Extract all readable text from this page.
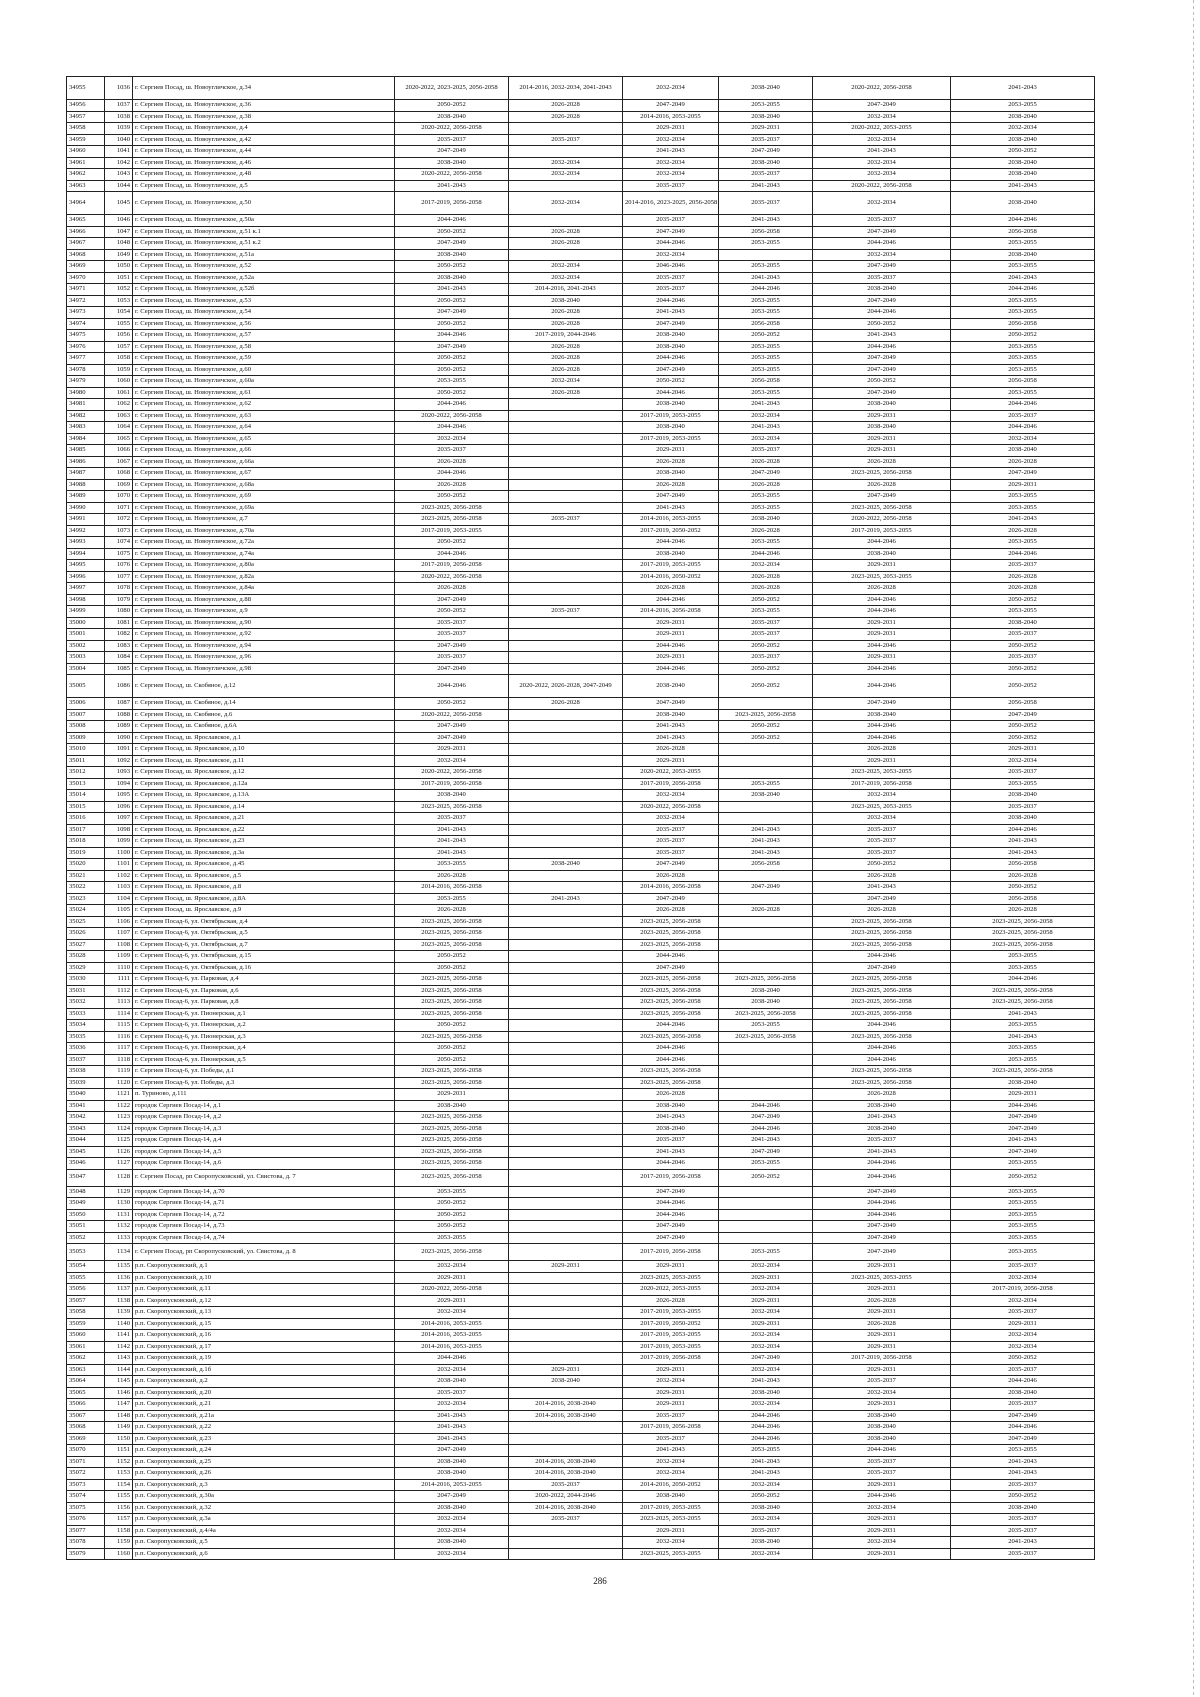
34955	1036	г. Сергиев Посад, ш. Новоугличское, д.34	2020-2022, 2023-2025, 2056-2058	2014-2016, 2032-2034, 2041-2043	2032-2034	2038-2040	2020-2022, 2056-2058	2041-2043
34956	1037	г. Сергиев Посад, ш. Новоугличское, д.36	2050-2052	2026-2028	2047-2049	2053-2055	2047-2049	2053-2055
34957	1038	г. Сергиев Посад, ш. Новоугличское, д.38	2038-2040	2026-2028	2014-2016, 2053-2055	2038-2040	2032-2034	2038-2040
34958	1039	г. Сергиев Посад, ш. Новоугличское, д.4	2020-2022, 2056-2058		2029-2031	2029-2031	2020-2022, 2053-2055	2032-2034
34959	1040	г. Сергиев Посад, ш. Новоугличское, д.42	2035-2037	2035-2037	2032-2034	2035-2037	2032-2034	2038-2040
34960	1041	г. Сергиев Посад, ш. Новоугличское, д.44	2047-2049		2041-2043	2047-2049	2041-2043	2050-2052
34961	1042	г. Сергиев Посад, ш. Новоугличское, д.46	2038-2040	2032-2034	2032-2034	2038-2040	2032-2034	2038-2040
34962	1043	г. Сергиев Посад, ш. Новоугличское, д.48	2020-2022, 2056-2058	2032-2034	2032-2034	2035-2037	2032-2034	2038-2040
34963	1044	г. Сергиев Посад, ш. Новоугличское, д.5	2041-2043		2035-2037	2041-2043	2020-2022, 2056-2058	2041-2043
34964	1045	г. Сергиев Посад, ш. Новоугличское, д.50	2017-2019, 2056-2058	2032-2034	2014-2016, 2023-2025, 2056-2058	2035-2037	2032-2034	2038-2040
34965	1046	г. Сергиев Посад, ш. Новоугличское, д.50а	2044-2046		2035-2037	2041-2043	2035-2037	2044-2046
34966	1047	г. Сергиев Посад, ш. Новоугличское, д.51 к.1	2050-2052	2026-2028	2047-2049	2056-2058	2047-2049	2056-2058
34967	1048	г. Сергиев Посад, ш. Новоугличское, д.51 к.2	2047-2049	2026-2028	2044-2046	2053-2055	2044-2046	2053-2055
34968	1049	г. Сергиев Посад, ш. Новоугличское, д.51а	2038-2040		2032-2034		2032-2034	2038-2040
34969	1050	г. Сергиев Посад, ш. Новоугличское, д.52	2050-2052	2032-2034	2046-2046	2053-2055	2047-2049	2053-2055
34970	1051	г. Сергиев Посад, ш. Новоугличское, д.52а	2038-2040	2032-2034	2035-2037	2041-2043	2035-2037	2041-2043
34971	1052	г. Сергиев Посад, ш. Новоугличское, д.52б	2041-2043	2014-2016, 2041-2043	2035-2037	2044-2046	2038-2040	2044-2046
34972	1053	г. Сергиев Посад, ш. Новоугличское, д.53	2050-2052	2038-2040	2044-2046	2053-2055	2047-2049	2053-2055
34973	1054	г. Сергиев Посад, ш. Новоугличское, д.54	2047-2049	2026-2028	2041-2043	2053-2055	2044-2046	2053-2055
34974	1055	г. Сергиев Посад, ш. Новоугличское, д.56	2050-2052	2026-2028	2047-2049	2056-2058	2050-2052	2056-2058
34975	1056	г. Сергиев Посад, ш. Новоугличское, д.57	2044-2046	2017-2019, 2044-2046	2038-2040	2050-2052	2041-2043	2050-2052
34976	1057	г. Сергиев Посад, ш. Новоугличское, д.58	2047-2049	2026-2028	2038-2040	2053-2055	2044-2046	2053-2055
34977	1058	г. Сергиев Посад, ш. Новоугличское, д.59	2050-2052	2026-2028	2044-2046	2053-2055	2047-2049	2053-2055
34978	1059	г. Сергиев Посад, ш. Новоугличское, д.60	2050-2052	2026-2028	2047-2049	2053-2055	2047-2049	2053-2055
34979	1060	г. Сергиев Посад, ш. Новоугличское, д.60а	2053-2055	2032-2034	2050-2052	2056-2058	2050-2052	2056-2058
34980	1061	г. Сергиев Посад, ш. Новоугличское, д.61	2050-2052	2026-2028	2044-2046	2053-2055	2047-2049	2053-2055
34981	1062	г. Сергиев Посад, ш. Новоугличское, д.62	2044-2046		2038-2040	2041-2043	2038-2040	2044-2046
34982	1063	г. Сергиев Посад, ш. Новоугличское, д.63	2020-2022, 2056-2058		2017-2019, 2053-2055	2032-2034	2029-2031	2035-2037
34983	1064	г. Сергиев Посад, ш. Новоугличское, д.64	2044-2046		2038-2040	2041-2043	2038-2040	2044-2046
34984	1065	г. Сергиев Посад, ш. Новоугличское, д.65	2032-2034		2017-2019, 2053-2055	2032-2034	2029-2031	2032-2034
34985	1066	г. Сергиев Посад, ш. Новоугличское, д.66	2035-2037		2029-2031	2035-2037	2029-2031	2038-2040
34986	1067	г. Сергиев Посад, ш. Новоугличское, д.66а	2026-2028		2026-2028	2026-2028	2026-2028	2026-2028
34987	1068	г. Сергиев Посад, ш. Новоугличское, д.67	2044-2046		2038-2040	2047-2049	2023-2025, 2056-2058	2047-2049
34988	1069	г. Сергиев Посад, ш. Новоугличское, д.68а	2026-2028		2026-2028	2026-2028	2026-2028	2029-2031
34989	1070	г. Сергиев Посад, ш. Новоугличское, д.69	2050-2052		2047-2049	2053-2055	2047-2049	2053-2055
34990	1071	г. Сергиев Посад, ш. Новоугличское, д.69а	2023-2025, 2056-2058		2041-2043	2053-2055	2023-2025, 2056-2058	2053-2055
34991	1072	г. Сергиев Посад, ш. Новоугличское, д.7	2023-2025, 2056-2058	2035-2037	2014-2016, 2053-2055	2038-2040	2020-2022, 2056-2058	2041-2043
34992	1073	г. Сергиев Посад, ш. Новоугличское, д.70а	2017-2019, 2053-2055		2017-2019, 2050-2052	2026-2028	2017-2019, 2053-2055	2026-2028
34993	1074	г. Сергиев Посад, ш. Новоугличское, д.72а	2050-2052		2044-2046	2053-2055	2044-2046	2053-2055
34994	1075	г. Сергиев Посад, ш. Новоугличское, д.74а	2044-2046		2038-2040	2044-2046	2038-2040	2044-2046
34995	1076	г. Сергиев Посад, ш. Новоугличское, д.80а	2017-2019, 2056-2058		2017-2019, 2053-2055	2032-2034	2029-2031	2035-2037
34996	1077	г. Сергиев Посад, ш. Новоугличское, д.82а	2020-2022, 2056-2058		2014-2016, 2050-2052	2026-2028	2023-2025, 2053-2055	2026-2028
34997	1078	г. Сергиев Посад, ш. Новоугличское, д.84а	2026-2028		2026-2028	2026-2028	2026-2028	2026-2028
34998	1079	г. Сергиев Посад, ш. Новоугличское, д.88	2047-2049		2044-2046	2050-2052	2044-2046	2050-2052
34999	1080	г. Сергиев Посад, ш. Новоугличское, д.9	2050-2052	2035-2037	2014-2016, 2056-2058	2053-2055	2044-2046	2053-2055
35000	1081	г. Сергиев Посад, ш. Новоугличское, д.90	2035-2037		2029-2031	2035-2037	2029-2031	2038-2040
35001	1082	г. Сергиев Посад, ш. Новоугличское, д.92	2035-2037		2029-2031	2035-2037	2029-2031	2035-2037
35002	1083	г. Сергиев Посад, ш. Новоугличское, д.94	2047-2049		2044-2046	2050-2052	2044-2046	2050-2052
35003	1084	г. Сергиев Посад, ш. Новоугличское, д.96	2035-2037		2029-2031	2035-2037	2029-2031	2035-2037
35004	1085	г. Сергиев Посад, ш. Новоугличское, д.98	2047-2049		2044-2046	2050-2052	2044-2046	2050-2052
35005	1086	г. Сергиев Посад, ш. Скобяное, д.12	2044-2046	2020-2022, 2026-2028, 2047-2049	2038-2040	2050-2052	2044-2046	2050-2052
35006	1087	г. Сергиев Посад, ш. Скобяное, д.14	2050-2052	2026-2028	2047-2049		2047-2049	2056-2058
35007	1088	г. Сергиев Посад, ш. Скобяное, д.6	2020-2022, 2056-2058		2038-2040	2023-2025, 2056-2058	2038-2040	2047-2049
35008	1089	г. Сергиев Посад, ш. Скобяное, д.6А	2047-2049		2041-2043	2050-2052	2044-2046	2050-2052
35009	1090	г. Сергиев Посад, ш. Ярославское, д.1	2047-2049		2041-2043	2050-2052	2044-2046	2050-2052
35010	1091	г. Сергиев Посад, ш. Ярославское, д.10	2029-2031		2026-2028		2026-2028	2029-2031
35011	1092	г. Сергиев Посад, ш. Ярославское, д.11	2032-2034		2029-2031		2029-2031	2032-2034
35012	1093	г. Сергиев Посад, ш. Ярославское, д.12	2020-2022, 2056-2058		2020-2022, 2053-2055		2023-2025, 2053-2055	2035-2037
35013	1094	г. Сергиев Посад, ш. Ярославское, д.12а	2017-2019, 2056-2058		2017-2019, 2056-2058	2053-2055	2017-2019, 2056-2058	2053-2055
35014	1095	г. Сергиев Посад, ш. Ярославское, д.13А	2038-2040		2032-2034	2038-2040	2032-2034	2038-2040
35015	1096	г. Сергиев Посад, ш. Ярославское, д.14	2023-2025, 2056-2058		2020-2022, 2056-2058		2023-2025, 2053-2055	2035-2037
35016	1097	г. Сергиев Посад, ш. Ярославское, д.21	2035-2037		2032-2034		2032-2034	2038-2040
35017	1098	г. Сергиев Посад, ш. Ярославское, д.22	2041-2043		2035-2037	2041-2043	2035-2037	2044-2046
35018	1099	г. Сергиев Посад, ш. Ярославское, д.23	2041-2043		2035-2037	2041-2043	2035-2037	2041-2043
35019	1100	г. Сергиев Посад, ш. Ярославское, д.3а	2041-2043		2035-2037	2041-2043	2035-2037	2041-2043
35020	1101	г. Сергиев Посад, ш. Ярославское, д.45	2053-2055	2038-2040	2047-2049	2056-2058	2050-2052	2056-2058
35021	1102	г. Сергиев Посад, ш. Ярославское, д.5	2026-2028		2026-2028		2026-2028	2026-2028
35022	1103	г. Сергиев Посад, ш. Ярославское, д.8	2014-2016, 2056-2058		2014-2016, 2056-2058	2047-2049	2041-2043	2050-2052
35023	1104	г. Сергиев Посад, ш. Ярославское, д.8А	2053-2055	2041-2043	2047-2049		2047-2049	2056-2058
35024	1105	г. Сергиев Посад, ш. Ярославское, д.9	2026-2028		2026-2028	2026-2028	2026-2028	2026-2028
35025	1106	г. Сергиев Посад-6, ул. Октябрьская, д.4	2023-2025, 2056-2058		2023-2025, 2056-2058		2023-2025, 2056-2058	2023-2025, 2056-2058
35026	1107	г. Сергиев Посад-6, ул. Октябрьская, д.5	2023-2025, 2056-2058		2023-2025, 2056-2058		2023-2025, 2056-2058	2023-2025, 2056-2058
35027	1108	г. Сергиев Посад-6, ул. Октябрьская, д.7	2023-2025, 2056-2058		2023-2025, 2056-2058		2023-2025, 2056-2058	2023-2025, 2056-2058
35028	1109	г. Сергиев Посад-6, ул. Октябрьская, д.15	2050-2052		2044-2046		2044-2046	2053-2055
35029	1110	г. Сергиев Посад-6, ул. Октябрьская, д.16	2050-2052		2047-2049		2047-2049	2053-2055
35030	1111	г. Сергиев Посад-6, ул. Парковая, д.4	2023-2025, 2056-2058		2023-2025, 2056-2058	2023-2025, 2056-2058	2023-2025, 2056-2058	2044-2046
35031	1112	г. Сергиев Посад-6, ул. Парковая, д.6	2023-2025, 2056-2058		2023-2025, 2056-2058	2038-2040	2023-2025, 2056-2058	2023-2025, 2056-2058
35032	1113	г. Сергиев Посад-6, ул. Парковая, д.8	2023-2025, 2056-2058		2023-2025, 2056-2058	2038-2040	2023-2025, 2056-2058	2023-2025, 2056-2058
35033	1114	г. Сергиев Посад-6, ул. Пионерская, д.1	2023-2025, 2056-2058		2023-2025, 2056-2058	2023-2025, 2056-2058	2023-2025, 2056-2058	2041-2043
35034	1115	г. Сергиев Посад-6, ул. Пионерская, д.2	2050-2052		2044-2046	2053-2055	2044-2046	2053-2055
35035	1116	г. Сергиев Посад-6, ул. Пионерская, д.3	2023-2025, 2056-2058		2023-2025, 2056-2058	2023-2025, 2056-2058	2023-2025, 2056-2058	2041-2043
35036	1117	г. Сергиев Посад-6, ул. Пионерская, д.4	2050-2052		2044-2046		2044-2046	2053-2055
35037	1118	г. Сергиев Посад-6, ул. Пионерская, д.5	2050-2052		2044-2046		2044-2046	2053-2055
35038	1119	г. Сергиев Посад-6, ул. Победы, д.1	2023-2025, 2056-2058		2023-2025, 2056-2058		2023-2025, 2056-2058	2023-2025, 2056-2058
35039	1120	г. Сергиев Посад-6, ул. Победы, д.3	2023-2025, 2056-2058		2023-2025, 2056-2058		2023-2025, 2056-2058	2038-2040
35040	1121	п. Туриново, д.111	2029-2031		2026-2028		2026-2028	2029-2031
35041	1122	городок Сергиев Посад-14, д.1	2038-2040		2038-2040	2044-2046	2038-2040	2044-2046
35042	1123	городок Сергиев Посад-14, д.2	2023-2025, 2056-2058		2041-2043	2047-2049	2041-2043	2047-2049
35043	1124	городок Сергиев Посад-14, д.3	2023-2025, 2056-2058		2038-2040	2044-2046	2038-2040	2047-2049
35044	1125	городок Сергиев Посад-14, д.4	2023-2025, 2056-2058		2035-2037	2041-2043	2035-2037	2041-2043
35045	1126	городок Сергиев Посад-14, д.5	2023-2025, 2056-2058		2041-2043	2047-2049	2041-2043	2047-2049
35046	1127	городок Сергиев Посад-14, д.6	2023-2025, 2056-2058		2044-2046	2053-2055	2044-2046	2053-2055
35047	1128	г. Сергиев Посад, рп Скоропусковский, ул. Свистова, д. 7	2023-2025, 2056-2058		2017-2019, 2056-2058	2050-2052	2044-2046	2050-2052
35048	1129	городок Сергиев Посад-14, д.70	2053-2055		2047-2049		2047-2049	2053-2055
35049	1130	городок Сергиев Посад-14, д.71	2050-2052		2044-2046		2044-2046	2053-2055
35050	1131	городок Сергиев Посад-14, д.72	2050-2052		2044-2046		2044-2046	2053-2055
35051	1132	городок Сергиев Посад-14, д.73	2050-2052		2047-2049		2047-2049	2053-2055
35052	1133	городок Сергиев Посад-14, д.74	2053-2055		2047-2049		2047-2049	2053-2055
35053	1134	г. Сергиев Посад, рп Скоропусковский, ул. Свистова, д. 8	2023-2025, 2056-2058		2017-2019, 2056-2058	2053-2055	2047-2049	2053-2055
35054	1135	р.п. Скоропусковский, д.1	2032-2034	2029-2031	2029-2031	2032-2034	2029-2031	2035-2037
35055	1136	р.п. Скоропусковский, д.10	2029-2031		2023-2025, 2053-2055	2029-2031	2023-2025, 2053-2055	2032-2034
35056	1137	р.п. Скоропусковский, д.11	2020-2022, 2056-2058		2020-2022, 2053-2055	2032-2034	2029-2031	2017-2019, 2056-2058
35057	1138	р.п. Скоропусковский, д.12	2029-2031		2026-2028	2029-2031	2026-2028	2032-2034
35058	1139	р.п. Скоропусковский, д.13	2032-2034		2017-2019, 2053-2055	2032-2034	2029-2031	2035-2037
35059	1140	р.п. Скоропусковский, д.15	2014-2016, 2053-2055		2017-2019, 2050-2052	2029-2031	2026-2028	2029-2031
35060	1141	р.п. Скоропусковский, д.16	2014-2016, 2053-2055		2017-2019, 2053-2055	2032-2034	2029-2031	2032-2034
35061	1142	р.п. Скоропусковский, д.17	2014-2016, 2053-2055		2017-2019, 2053-2055	2032-2034	2029-2031	2032-2034
35062	1143	р.п. Скоропусковский, д.19	2044-2046		2017-2019, 2056-2058	2047-2049	2017-2019, 2056-2058	2050-2052
35063	1144	р.п. Скоропусковский, д.1б	2032-2034	2029-2031	2029-2031	2032-2034	2029-2031	2035-2037
35064	1145	р.п. Скоропусковский, д.2	2038-2040	2038-2040	2032-2034	2041-2043	2035-2037	2044-2046
35065	1146	р.п. Скоропусковский, д.20	2035-2037		2029-2031	2038-2040	2032-2034	2038-2040
35066	1147	р.п. Скоропусковский, д.21	2032-2034	2014-2016, 2038-2040	2029-2031	2032-2034	2029-2031	2035-2037
35067	1148	р.п. Скоропусковский, д.21а	2041-2043	2014-2016, 2038-2040	2035-2037	2044-2046	2038-2040	2047-2049
35068	1149	р.п. Скоропусковский, д.22	2041-2043		2017-2019, 2056-2058	2044-2046	2038-2040	2044-2046
35069	1150	р.п. Скоропусковский, д.23	2041-2043		2035-2037	2044-2046	2038-2040	2047-2049
35070	1151	р.п. Скоропусковский, д.24	2047-2049		2041-2043	2053-2055	2044-2046	2053-2055
35071	1152	р.п. Скоропусковский, д.25	2038-2040	2014-2016, 2038-2040	2032-2034	2041-2043	2035-2037	2041-2043
35072	1153	р.п. Скоропусковский, д.26	2038-2040	2014-2016, 2038-2040	2032-2034	2041-2043	2035-2037	2041-2043
35073	1154	р.п. Скоропусковский, д.3	2014-2016, 2053-2055	2035-2037	2014-2016, 2050-2052	2032-2034	2029-2031	2035-2037
35074	1155	р.п. Скоропусковский, д.30а	2047-2049	2020-2022, 2044-2046	2038-2040	2050-2052	2044-2046	2050-2052
35075	1156	р.п. Скоропусковский, д.32	2038-2040	2014-2016, 2038-2040	2017-2019, 2053-2055	2038-2040	2032-2034	2038-2040
35076	1157	р.п. Скоропусковский, д.3а	2032-2034	2035-2037	2023-2025, 2053-2055	2032-2034	2029-2031	2035-2037
35077	1158	р.п. Скоропусковский, д.4/4а	2032-2034		2029-2031	2035-2037	2029-2031	2035-2037
35078	1159	р.п. Скоропусковский, д.5	2038-2040		2032-2034	2038-2040	2032-2034	2041-2043
35079	1160	р.п. Скоропусковский, д.6	2032-2034		2023-2025, 2053-2055	2032-2034	2029-2031	2035-2037
286
